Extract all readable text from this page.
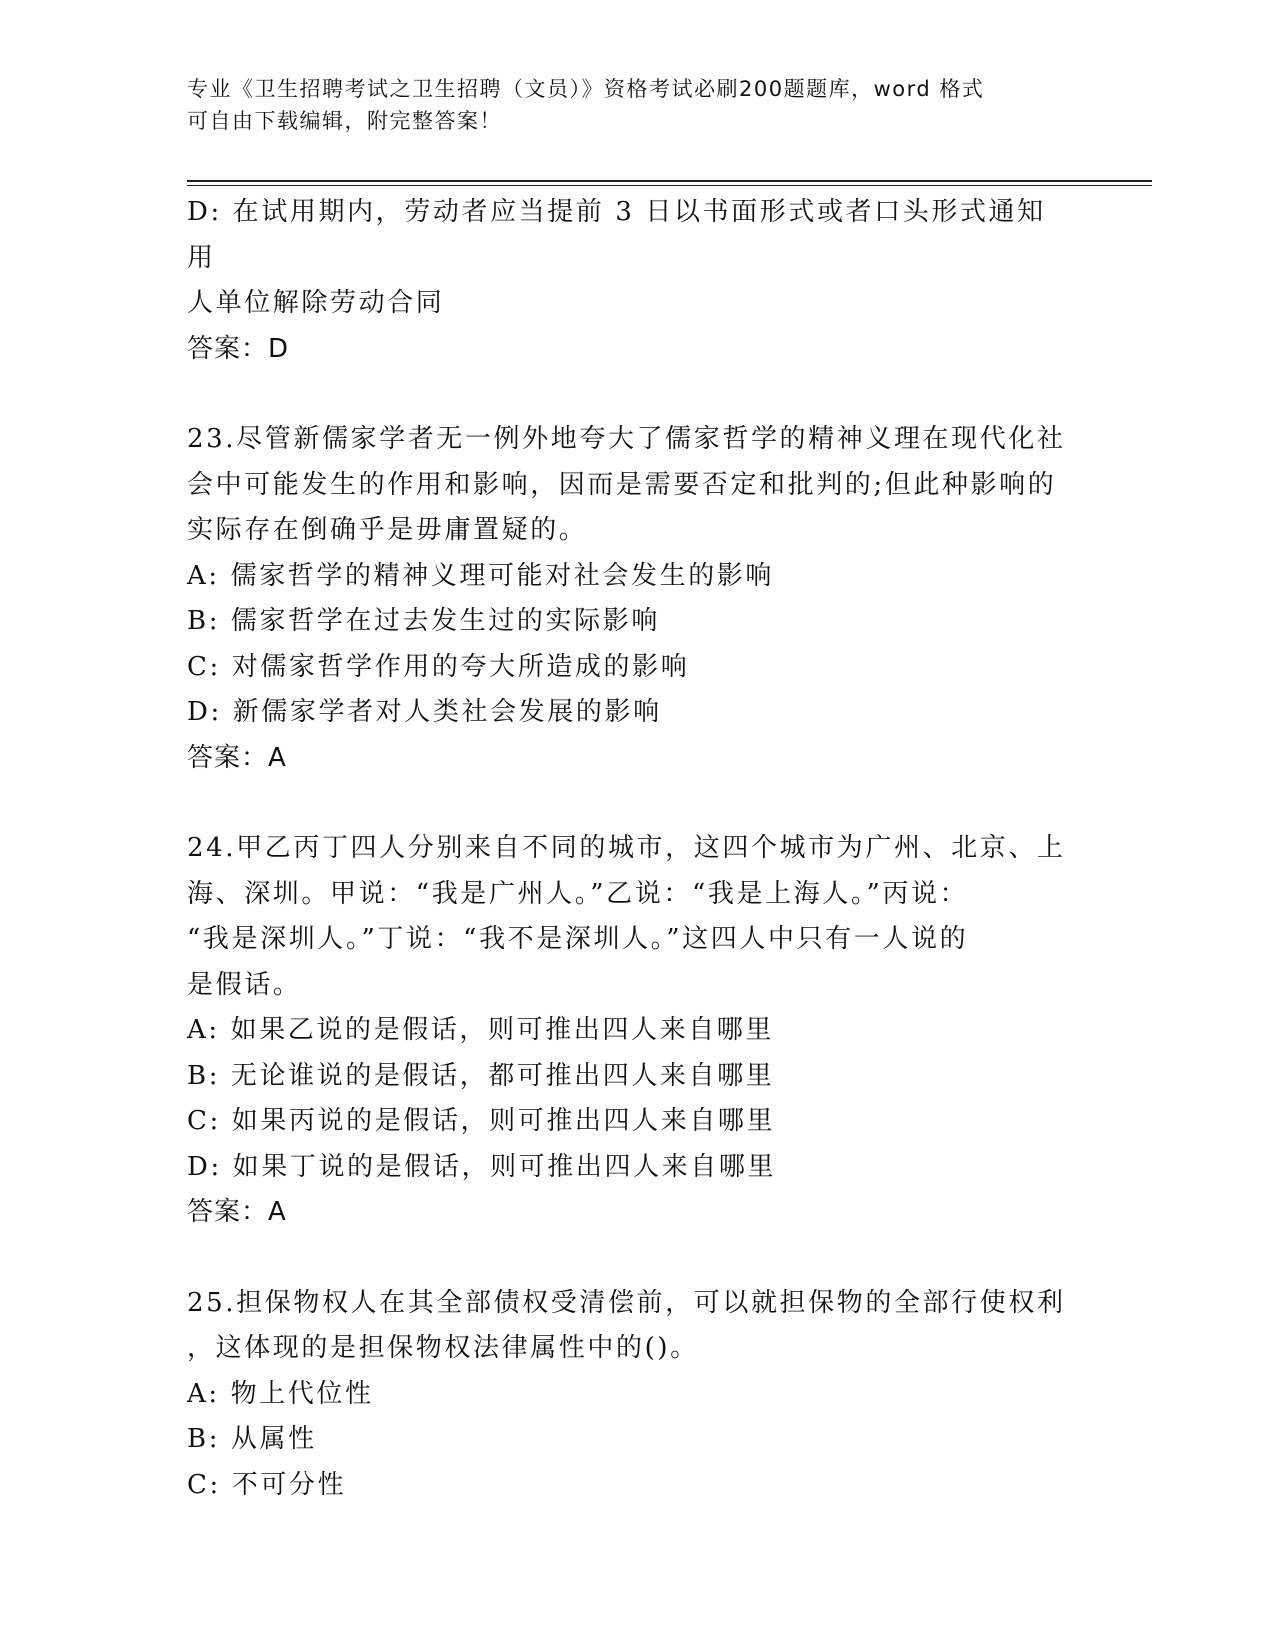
专业《卫生招聘考试之卫生招聘（文员）》资格考试必刷200题题库，word 格式
可自由下载编辑，附完整答案！

D: 在试用期内，劳动者应当提前 3 日以书面形式或者口头形式通知用

人单位解除劳动合同

答案：D

23.尽管新儒家学者无一例外地夸大了儒家哲学的精神义理在现代化社

会中可能发生的作用和影响，因而是需要否定和批判的;但此种影响的

实际存在倒确乎是毋庸置疑的。

A: 儒家哲学的精神义理可能对社会发生的影响

B: 儒家哲学在过去发生过的实际影响

C: 对儒家哲学作用的夸大所造成的影响

D: 新儒家学者对人类社会发展的影响

答案：A

24.甲乙丙丁四人分别来自不同的城市，这四个城市为广州、北京、上

海、深圳。甲说：“我是广州人。”乙说：“我是上海人。”丙说：

“我是深圳人。”丁说：“我不是深圳人。”这四人中只有一人说的

是假话。

A: 如果乙说的是假话，则可推出四人来自哪里

B: 无论谁说的是假话，都可推出四人来自哪里

C: 如果丙说的是假话，则可推出四人来自哪里

D: 如果丁说的是假话，则可推出四人来自哪里

答案：A

25.担保物权人在其全部债权受清偿前，可以就担保物的全部行使权利

，这体现的是担保物权法律属性中的()。

A: 物上代位性

B: 从属性

C: 不可分性
